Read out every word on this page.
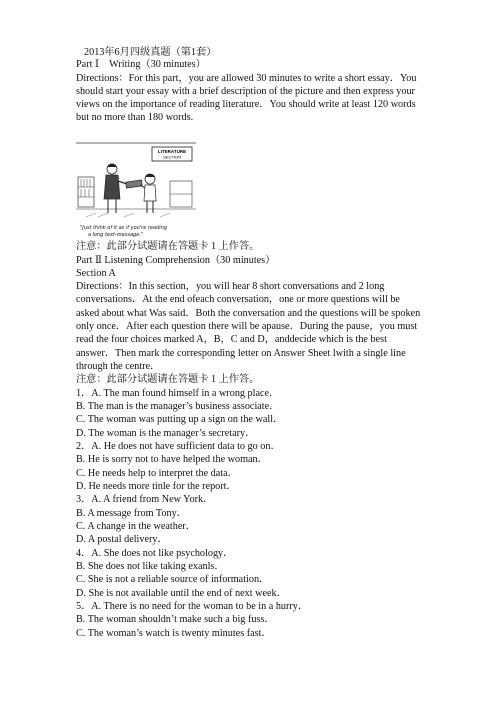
2013年6月四级真题（第1套）
Part Ⅰ　Writing（30 minutes）
Directions：For this part，you are allowed 30 minutes to write a short essay．You
should start your essay with a brief description of the picture and then express your
views on the importance of reading literature．You should write at least 120 words
but no more than 180 words.
LITERATURE
SECTION
"Just think of it as if you're reading
a long text-message."
注意：此部分试题请在答题卡 1 上作答。
Part Ⅱ Listening Comprehension（30 minutes）
Section A
Directions：In this section，you will hear 8 short conversations and 2 long
conversations．At the end ofeach conversation，one or more questions will be
asked about what Was said．Both the conversation and the questions will be spoken
only once．After each question there will be apause．During the pause，you must
read the four choices marked A，B，C and D，anddecide which is the best
answer．Then mark the corresponding letter on Answer Sheet lwith a single line
through the centre．
注意：此部分试题请在答题卡 1 上作答。
1．A. The man found himself in a wrong place．
B. The man is the manager’s business associate．
C. The woman was putting up a sign on the wall．
D. The woman is the manager’s secretary．
2．A. He does not have sufficient data to go on．
B. He is sorry not to have helped the woman．
C. He needs help to interpret the data．
D. He needs more tinle for the report．
3．A. A friend from New York．
B. A message from Tony．
C. A change in the weather．
D. A postal delivery．
4．A. She does not like psychology．
B. She does not like taking exanls．
C. She is not a reliable source of information．
D. She is not available until the end of next week．
5．A. There is no need for the woman to be in a hurry．
B. The woman shouldn’t make such a big fuss．
C. The woman’s watch is twenty minutes fast．
